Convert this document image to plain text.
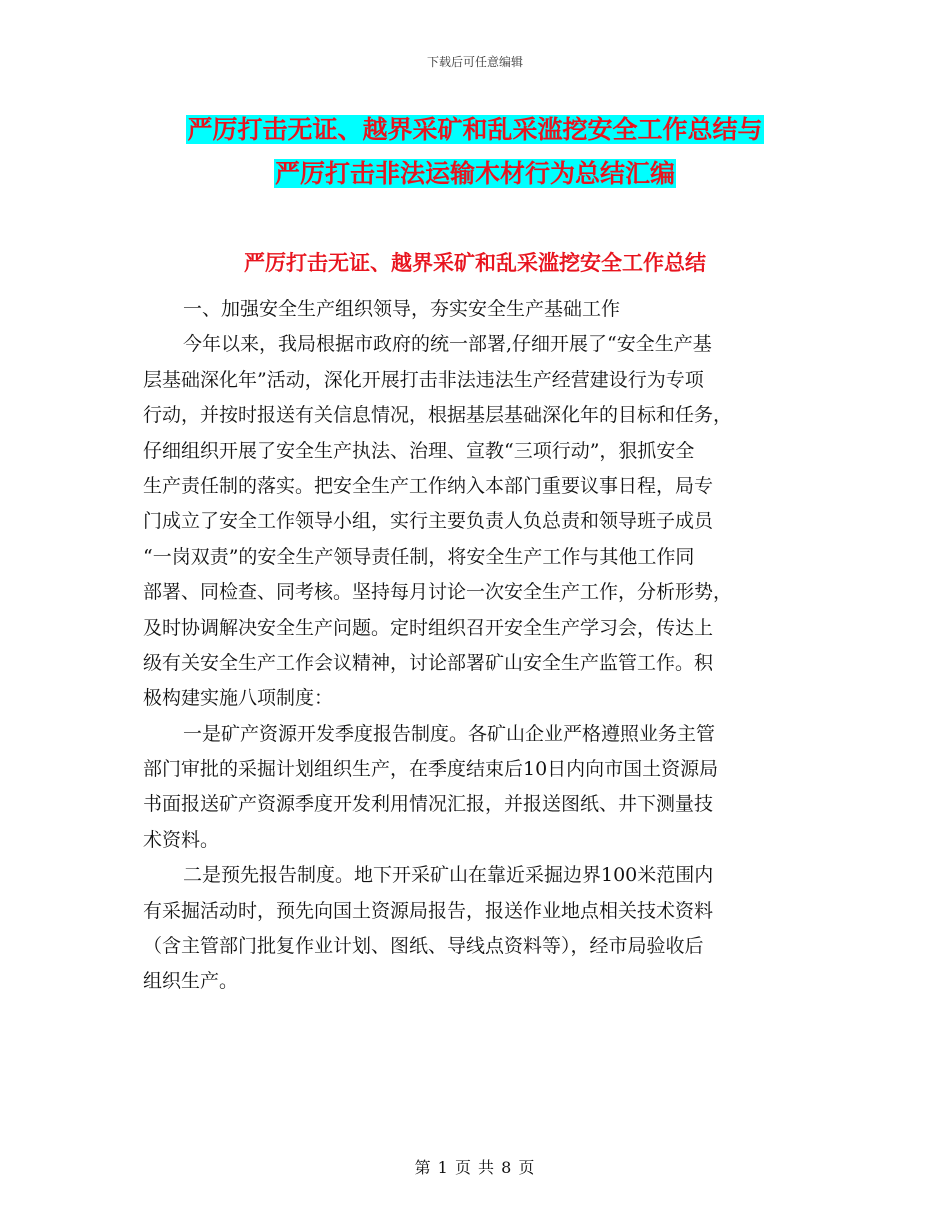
下载后可任意编辑
严厉打击无证、越界采矿和乱采滥挖安全工作总结与
严厉打击非法运输木材行为总结汇编
严厉打击无证、越界采矿和乱采滥挖安全工作总结
一、加强安全生产组织领导，夯实安全生产基础工作
今年以来，我局根据市政府的统一部署,仔细开展了“安全生产基
层基础深化年”活动，深化开展打击非法违法生产经营建设行为专项
行动，并按时报送有关信息情况，根据基层基础深化年的目标和任务，
仔细组织开展了安全生产执法、治理、宣教“三项行动”，狠抓安全
生产责任制的落实。把安全生产工作纳入本部门重要议事日程，局专
门成立了安全工作领导小组，实行主要负责人负总责和领导班子成员
“一岗双责”的安全生产领导责任制，将安全生产工作与其他工作同
部署、同检查、同考核。坚持每月讨论一次安全生产工作，分析形势，
及时协调解决安全生产问题。定时组织召开安全生产学习会，传达上
级有关安全生产工作会议精神，讨论部署矿山安全生产监管工作。积
极构建实施八项制度：
一是矿产资源开发季度报告制度。各矿山企业严格遵照业务主管
部门审批的采掘计划组织生产，在季度结束后10日内向市国土资源局
书面报送矿产资源季度开发利用情况汇报，并报送图纸、井下测量技
术资料。
二是预先报告制度。地下开采矿山在靠近采掘边界100米范围内
有采掘活动时，预先向国土资源局报告，报送作业地点相关技术资料
（含主管部门批复作业计划、图纸、导线点资料等），经市局验收后
组织生产。
第 1 页 共 8 页
